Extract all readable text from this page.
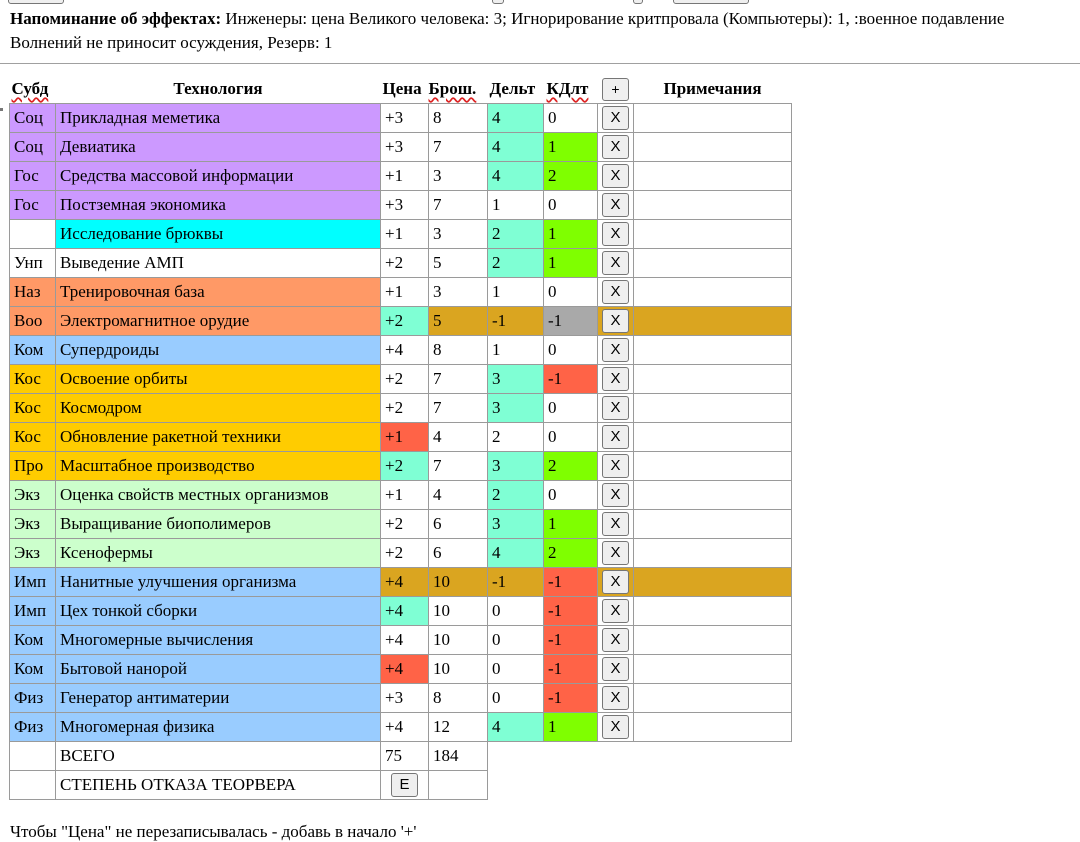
Напоминание об эффектах: Инженеры: цена Великого человека: 3; Игнорирование критпровала (Компьютеры): 1, :военное подавление Волнений не приносит осуждения, Резерв: 1
Субд	Технология	Цена	Брош.	Дельт	КДлт	+	Примечания
Соц	Прикладная меметика	+3	8	4	0	X	
Соц	Девиатика	+3	7	4	1	X	
Гос	Средства массовой информации	+1	3	4	2	X	
Гос	Постземная экономика	+3	7	1	0	X	
	Исследование брюквы	+1	3	2	1	X	
Унп	Выведение АМП	+2	5	2	1	X	
Наз	Тренировочная база	+1	3	1	0	X	
Воо	Электромагнитное орудие	+2	5	-1	-1	X	
Ком	Супердроиды	+4	8	1	0	X	
Кос	Освоение орбиты	+2	7	3	-1	X	
Кос	Космодром	+2	7	3	0	X	
Кос	Обновление ракетной техники	+1	4	2	0	X	
Про	Масштабное производство	+2	7	3	2	X	
Экз	Оценка свойств местных организмов	+1	4	2	0	X	
Экз	Выращивание биополимеров	+2	6	3	1	X	
Экз	Ксенофермы	+2	6	4	2	X	
Имп	Нанитные улучшения организма	+4	10	-1	-1	X	
Имп	Цех тонкой сборки	+4	10	0	-1	X	
Ком	Многомерные вычисления	+4	10	0	-1	X	
Ком	Бытовой нанорой	+4	10	0	-1	X	
Физ	Генератор антиматерии	+3	8	0	-1	X	
Физ	Многомерная физика	+4	12	4	1	X	
	ВСЕГО	75	184				
	СТЕПЕНЬ ОТКАЗА ТЕОРВЕРА	E					
Чтобы "Цена" не перезаписывалась - добавь в начало '+'
